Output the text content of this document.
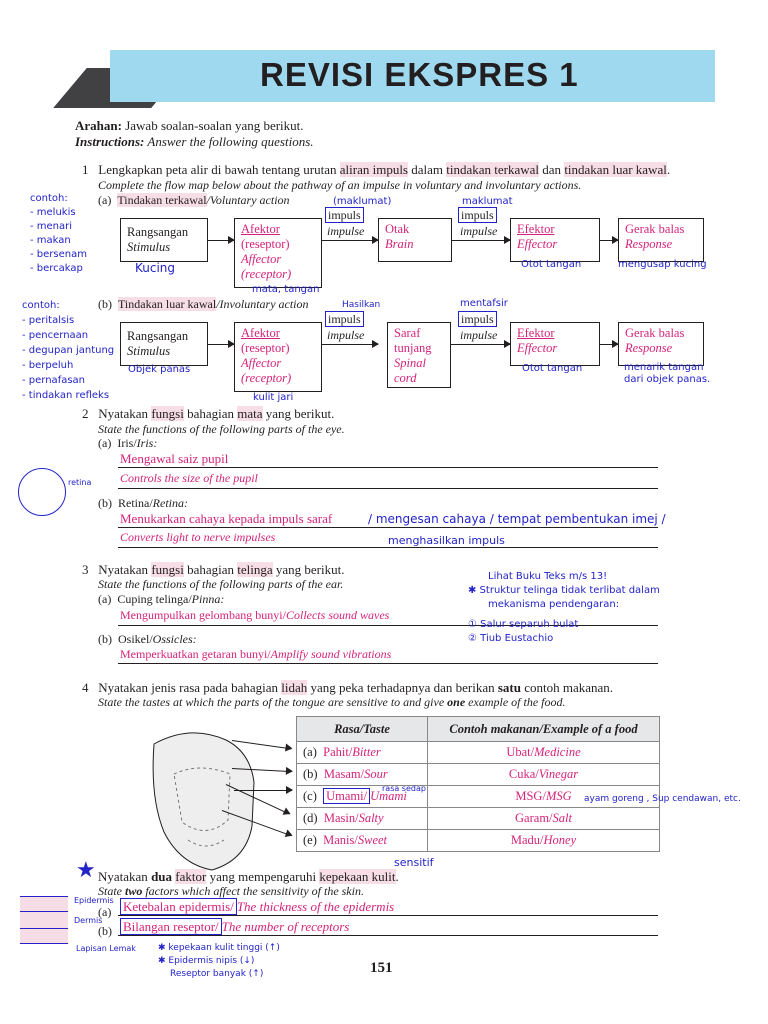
REVISI EKSPRES 1
Arahan: Jawab soalan-soalan yang berikut.
Instructions: Answer the following questions.
1 Lengkapkan peta alir di bawah tentang urutan aliran impuls dalam tindakan terkawal dan tindakan luar kawal.
Complete the flow map below about the pathway of an impulse in voluntary and involuntary actions.
(a) Tindakan terkawal/Voluntary action
Rangsangan
Stimulus
Afektor
(reseptor)
Affector
(receptor)
impuls
impulse Otak
Brain
impuls
impulse Efektor
Effector
Gerak balas
Response
(maklumat)	maklumat
Kucing
mata, tangan
Otot tangan	mengusap kucing
contoh:
- melukis
- menari
- makan
- bersenam
- bercakap
(b) Tindakan luar kawal/Involuntary action
Rangsangan
Stimulus
Afektor
(reseptor)
Affector
(receptor)
impuls
impulse Saraf
tunjang
Spinal
cord
impuls
impulse Efektor
Effector
Gerak balas
Response
Hasilkan	mentafsir
Objek panas
kulit jari
Otot tangan	menarik tangan
dari objek panas.
contoh:
- peritalsis
- pencernaan
- degupan jantung
- berpeluh
- pernafasan
- tindakan refleks
2 Nyatakan fungsi bahagian mata yang berikut.
State the functions of the following parts of the eye.
(a) Iris/Iris:
Mengawal saiz pupil
Controls the size of the pupil
(b) Retina/Retina:
Menukarkan cahaya kepada impuls saraf
Converts light to nerve impulses
retina
/ mengesan cahaya / tempat pembentukan imej /
menghasilkan impuls
3 Nyatakan fungsi bahagian telinga yang berikut.
State the functions of the following parts of the ear.
(a) Cuping telinga/Pinna:
Mengumpulkan gelombang bunyi/Collects sound waves
(b) Osikel/Ossicles:
Memperkuatkan getaran bunyi/Amplify sound vibrations
Lihat Buku Teks m/s 13!
✱ Struktur telinga tidak terlibat dalam
mekanisma pendengaran:
① Salur separuh bulat
② Tiub Eustachio
4 Nyatakan jenis rasa pada bahagian lidah yang peka terhadapnya dan berikan satu contoh makanan.
State the tastes at which the parts of the tongue are sensitive to and give one example of the food.
Rasa/Taste	Contoh makanan/Example of a food
(a) Pahit/Bitter	Ubat/Medicine
(b) Masam/Sour	Cuka/Vinegar
(c) Umami/ Umami	MSG/MSG
(d) Masin/Salty	Garam/Salt
(e) Manis/Sweet	Madu/Honey
rasa sedap
ayam goreng , Sup cendawan, etc.
★ Nyatakan dua faktor yang mempengaruhi kepekaan kulit.
sensitif
State two factors which affect the sensitivity of the skin.
(a) Ketebalan epidermis/ The thickness of the epidermis
(b) Bilangan reseptor/ The number of receptors
Epidermis
Dermis
Lapisan Lemak ✱ kepekaan kulit tinggi (↑)
✱ Epidermis nipis (↓)
Reseptor banyak (↑)	151
